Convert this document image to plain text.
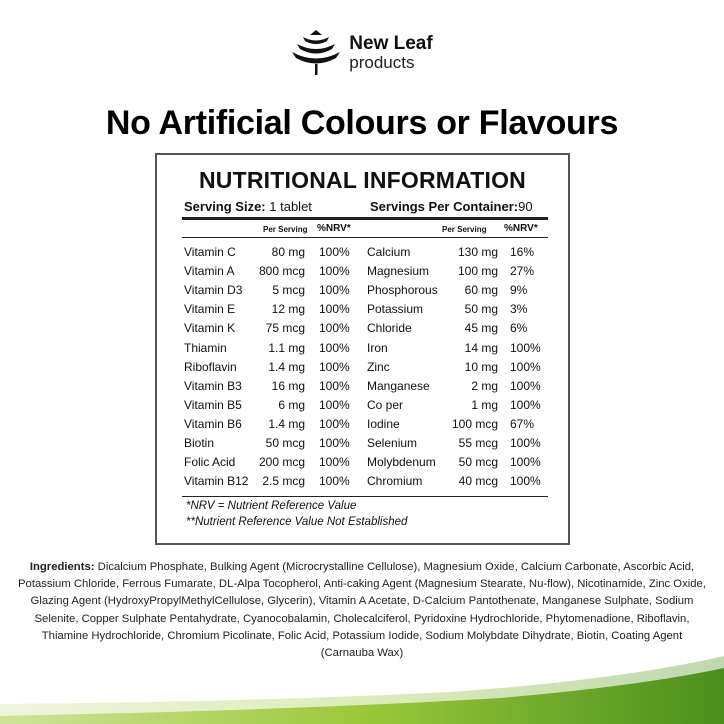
New Leaf
products
No Artificial Colours or Flavours
NUTRITIONAL INFORMATION
Serving Size: 1 tablet	Servings Per Container:90
Per Serving %NRV*	Per Serving %NRV*
Vitamin C	80 mg 100%
Vitamin A 800 mcg 100%
Vitamin D3 5 mcg 100%
Vitamin E	12 mg 100%
Vitamin K	75 mcg 100%
Thiamin	1.1 mg 100%
Riboflavin	1.4 mg 100%
Vitamin B3 16 mg 100%
Vitamin B5	6 mg 100%
Vitamin B6 1.4 mg 100%
Biotin	50 mcg 100%
Folic Acid 200 mcg 100%
Vitamin B12 2.5 mcg 100%
Calcium	130 mg 16%
Magnesium 100 mg 27%
Phosphorous 60 mg 9%
Potassium	50 mg 3%
Chloride	45 mg 6%
Iron	14 mg 100%
Zinc	10 mg 100%
Manganese	2 mg 100%
Co per	1 mg 100%
Iodine	100 mcg 67%
Selenium	55 mcg 100%
Molybdenum 50 mcg 100%
Chromium	40 mcg 100%
*NRV = Nutrient Reference Value
**Nutrient Reference Value Not Established
Ingredients: Dicalcium Phosphate, Bulking Agent (Microcrystalline Cellulose), Magnesium Oxide, Calcium Carbonate, Ascorbic Acid, Potassium Chloride, Ferrous Fumarate, DL-Alpa Tocopherol, Anti-caking Agent (Magnesium Stearate, Nu-flow), Nicotinamide, Zinc Oxide, Glazing Agent (HydroxyPropylMethylCellulose, Glycerin), Vitamin A Acetate, D-Calcium Pantothenate, Manganese Sulphate, Sodium Selenite, Copper Sulphate Pentahydrate, Cyanocobalamin, Cholecalciferol, Pyridoxine Hydrochloride, Phytomenadione, Riboflavin, Thiamine Hydrochloride, Chromium Picolinate, Folic Acid, Potassium Iodide, Sodium Molybdate Dihydrate, Biotin, Coating Agent (Carnauba Wax)
